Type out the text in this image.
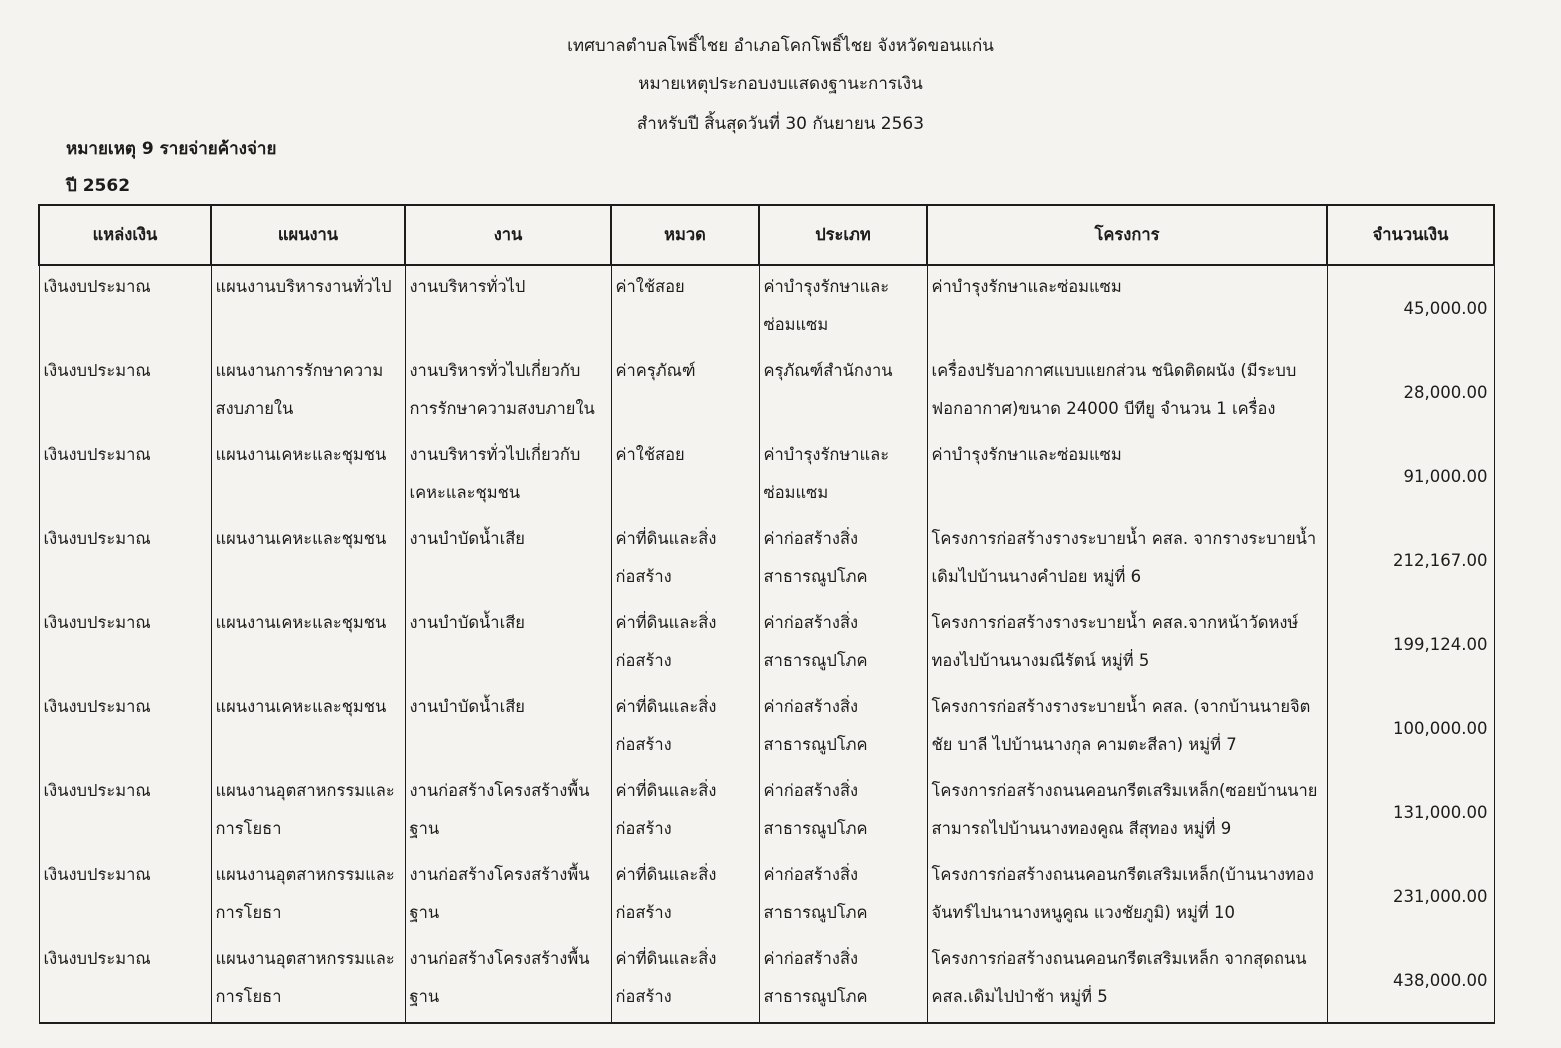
เทศบาลตำบลโพธิ์ไชย อำเภอโคกโพธิ์ไชย จังหวัดขอนแก่น
หมายเหตุประกอบงบแสดงฐานะการเงิน
สำหรับปี สิ้นสุดวันที่ 30 กันยายน 2563
หมายเหตุ 9 รายจ่ายค้างจ่าย
ปี 2562
แหล่งเงิน	แผนงาน	งาน	หมวด	ประเภท	โครงการ	จำนวนเงิน
เงินงบประมาณ	แผนงานบริหารงานทั่วไป	งานบริหารทั่วไป	ค่าใช้สอย	ค่าบำรุงรักษาและซ่อมแซม	ค่าบำรุงรักษาและซ่อมแซม	45,000.00
เงินงบประมาณ	แผนงานการรักษาความสงบภายใน	งานบริหารทั่วไปเกี่ยวกับการรักษาความสงบภายใน	ค่าครุภัณฑ์	ครุภัณฑ์สำนักงาน	เครื่องปรับอากาศแบบแยกส่วน ชนิดติดผนัง (มีระบบฟอกอากาศ)ขนาด 24000 บีทียู จำนวน 1 เครื่อง	28,000.00
เงินงบประมาณ	แผนงานเคหะและชุมชน	งานบริหารทั่วไปเกี่ยวกับเคหะและชุมชน	ค่าใช้สอย	ค่าบำรุงรักษาและซ่อมแซม	ค่าบำรุงรักษาและซ่อมแซม	91,000.00
เงินงบประมาณ	แผนงานเคหะและชุมชน	งานบำบัดน้ำเสีย	ค่าที่ดินและสิ่งก่อสร้าง	ค่าก่อสร้างสิ่งสาธารณูปโภค	โครงการก่อสร้างรางระบายน้ำ คสล. จากรางระบายน้ำเดิมไปบ้านนางคำปอย หมู่ที่ 6	212,167.00
เงินงบประมาณ	แผนงานเคหะและชุมชน	งานบำบัดน้ำเสีย	ค่าที่ดินและสิ่งก่อสร้าง	ค่าก่อสร้างสิ่งสาธารณูปโภค	โครงการก่อสร้างรางระบายน้ำ คสล.จากหน้าวัดหงษ์ทองไปบ้านนางมณีรัตน์ หมู่ที่ 5	199,124.00
เงินงบประมาณ	แผนงานเคหะและชุมชน	งานบำบัดน้ำเสีย	ค่าที่ดินและสิ่งก่อสร้าง	ค่าก่อสร้างสิ่งสาธารณูปโภค	โครงการก่อสร้างรางระบายน้ำ คสล. (จากบ้านนายจิตชัย บาลี ไปบ้านนางกุล คามตะสีลา) หมู่ที่ 7	100,000.00
เงินงบประมาณ	แผนงานอุตสาหกรรมและการโยธา	งานก่อสร้างโครงสร้างพื้นฐาน	ค่าที่ดินและสิ่งก่อสร้าง	ค่าก่อสร้างสิ่งสาธารณูปโภค	โครงการก่อสร้างถนนคอนกรีตเสริมเหล็ก(ซอยบ้านนายสามารถไปบ้านนางทองคูณ สีสุทอง หมู่ที่ 9	131,000.00
เงินงบประมาณ	แผนงานอุตสาหกรรมและการโยธา	งานก่อสร้างโครงสร้างพื้นฐาน	ค่าที่ดินและสิ่งก่อสร้าง	ค่าก่อสร้างสิ่งสาธารณูปโภค	โครงการก่อสร้างถนนคอนกรีตเสริมเหล็ก(บ้านนางทองจันทร์ไปนานางหนูคูณ แวงชัยภูมิ) หมู่ที่ 10	231,000.00
เงินงบประมาณ	แผนงานอุตสาหกรรมและการโยธา	งานก่อสร้างโครงสร้างพื้นฐาน	ค่าที่ดินและสิ่งก่อสร้าง	ค่าก่อสร้างสิ่งสาธารณูปโภค	โครงการก่อสร้างถนนคอนกรีตเสริมเหล็ก จากสุดถนน คสล.เดิมไปป่าช้า หมู่ที่ 5	438,000.00
